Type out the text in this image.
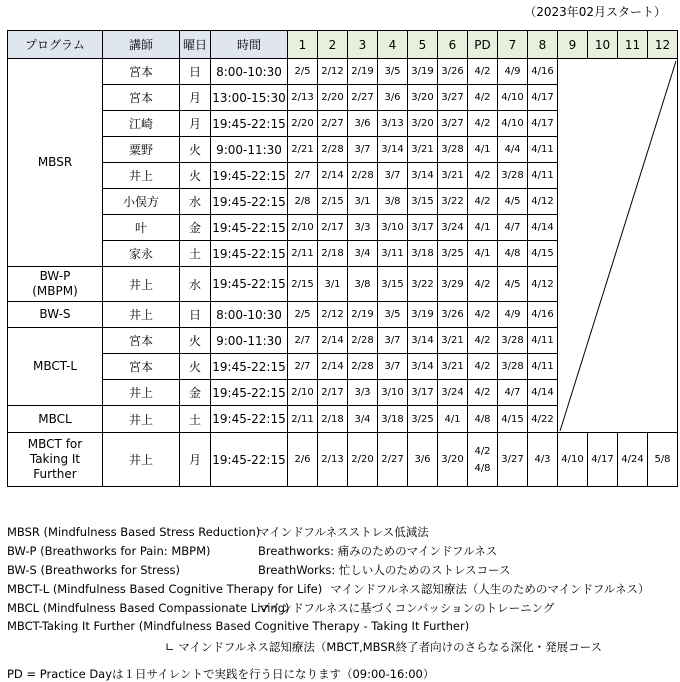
（2023年02月スタート）
プログラム	講師	曜日	時間	1	2	3	4	5	6	PD	7	8	9	10	11	12
MBSR	宮本	日	8:00-10:30	2/5	2/12	2/19	3/5	3/19	3/26	4/2	4/9	4/16				
	宮本	月	13:00-15:30	2/13	2/20	2/27	3/6	3/20	3/27	4/2	4/10	4/17				
	江崎	月	19:45-22:15	2/20	2/27	3/6	3/13	3/20	3/27	4/2	4/10	4/17				
	粟野	火	9:00-11:30	2/21	2/28	3/7	3/14	3/21	3/28	4/1	4/4	4/11				
	井上	火	19:45-22:15	2/7	2/14	2/28	3/7	3/14	3/21	4/2	3/28	4/11				
	小俣方	水	19:45-22:15	2/8	2/15	3/1	3/8	3/15	3/22	4/2	4/5	4/12				
	叶	金	19:45-22:15	2/10	2/17	3/3	3/10	3/17	3/24	4/1	4/7	4/14				
	家永	土	19:45-22:15	2/11	2/18	3/4	3/11	3/18	3/25	4/1	4/8	4/15				
BW-P
(MBPM)	井上	水	19:45-22:15	2/15	3/1	3/8	3/15	3/22	3/29	4/2	4/5	4/12				
BW-S	井上	日	8:00-10:30	2/5	2/12	2/19	3/5	3/19	3/26	4/2	4/9	4/16				
MBCT-L	宮本	火	9:00-11:30	2/7	2/14	2/28	3/7	3/14	3/21	4/2	3/28	4/11				
	宮本	火	19:45-22:15	2/7	2/14	2/28	3/7	3/14	3/21	4/2	3/28	4/11				
	井上	金	19:45-22:15	2/10	2/17	3/3	3/10	3/17	3/24	4/2	4/7	4/14				
MBCL	井上	土	19:45-22:15	2/11	2/18	3/4	3/18	3/25	4/1	4/8	4/15	4/22				
MBCT for
Taking It Further	井上	月	19:45-22:15	2/6	2/13	2/20	2/27	3/6	3/20	4/2
4/8	3/27	4/3	4/10	4/17	4/24	5/8
MBSR (Mindfulness Based Stress Reduction)マインドフルネスストレス低減法
BW-P (Breathworks for Pain: MBPM)	Breathworks: 痛みのためのマインドフルネス
BW-S (Breathworks for Stress)	BreathWorks: 忙しい人のためのストレスコース
MBCT-L (Mindfulness Based Cognitive Therapy for Life) マインドフルネス認知療法（人生のためのマインドフルネス）
MBCL (Mindfulness Based Compassionate Living)マインドフルネスに基づくコンパッションのトレーニング
MBCT-Taking It Further (Mindfulness Based Cognitive Therapy - Taking It Further)
∟ マインドフルネス認知療法（MBCT,MBSR終了者向けのさらなる深化・発展コース
PD = Practice Dayは１日サイレントで実践を行う日になります（09:00-16:00）
